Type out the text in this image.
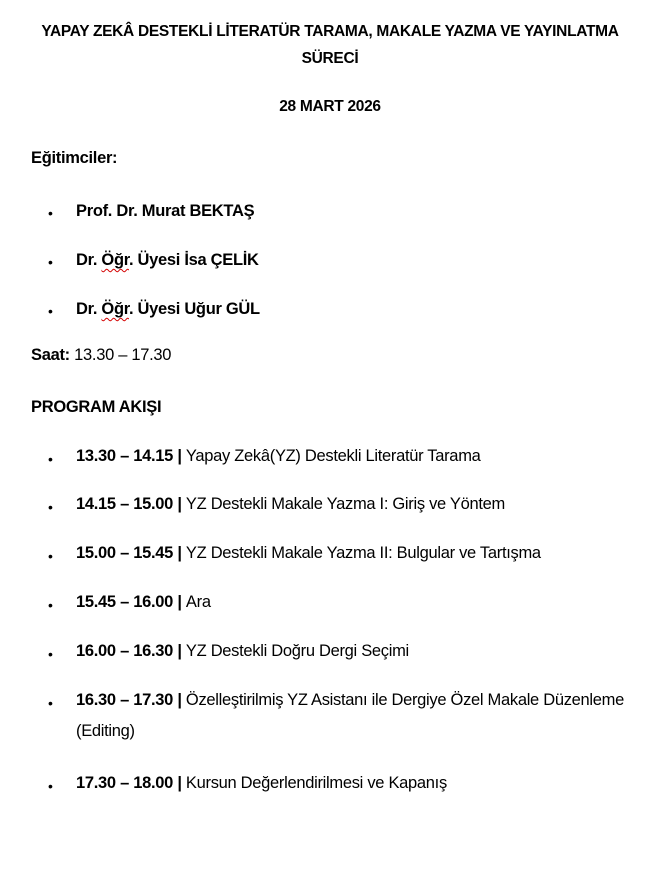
YAPAY ZEKÂ DESTEKLİ LİTERATÜR TARAMA, MAKALE YAZMA VE YAYINLATMA SÜRECİ
28 MART 2026
Eğitimciler:
• Prof. Dr. Murat BEKTAŞ
• Dr. Öğr. Üyesi İsa ÇELİK
• Dr. Öğr. Üyesi Uğur GÜL
Saat: 13.30 – 17.30
PROGRAM AKIŞI
• 13.30 – 14.15 | Yapay Zekâ(YZ) Destekli Literatür Tarama
• 14.15 – 15.00 | YZ Destekli Makale Yazma I: Giriş ve Yöntem
• 15.00 – 15.45 | YZ Destekli Makale Yazma II: Bulgular ve Tartışma
• 15.45 – 16.00 | Ara
• 16.00 – 16.30 | YZ Destekli Doğru Dergi Seçimi
• 16.30 – 17.30 | Özelleştirilmiş YZ Asistanı ile Dergiye Özel Makale Düzenleme (Editing)
• 17.30 – 18.00 | Kursun Değerlendirilmesi ve Kapanış
